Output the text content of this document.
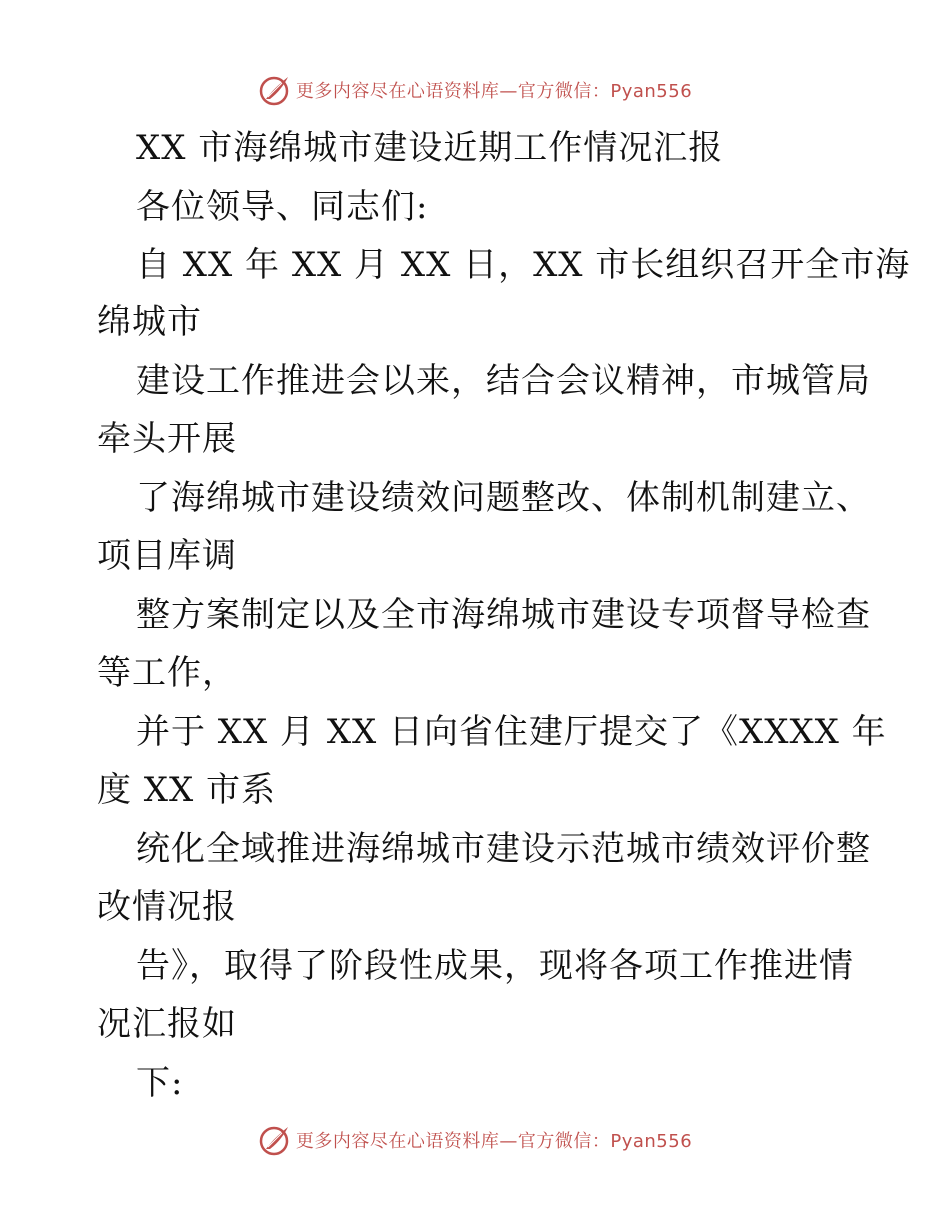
更多内容尽在心语资料库—官方微信：Pyan556
XX 市海绵城市建设近期工作情况汇报
各位领导、同志们:
自 XX 年 XX 月 XX 日，XX 市长组织召开全市海
绵城市
建设工作推进会以来，结合会议精神，市城管局
牵头开展
了海绵城市建设绩效问题整改、体制机制建立、
项目库调
整方案制定以及全市海绵城市建设专项督导检查
等工作，
并于 XX 月 XX 日向省住建厅提交了《XXXX 年
度 XX 市系
统化全域推进海绵城市建设示范城市绩效评价整
改情况报
告》，取得了阶段性成果，现将各项工作推进情
况汇报如
下:
更多内容尽在心语资料库—官方微信：Pyan556
